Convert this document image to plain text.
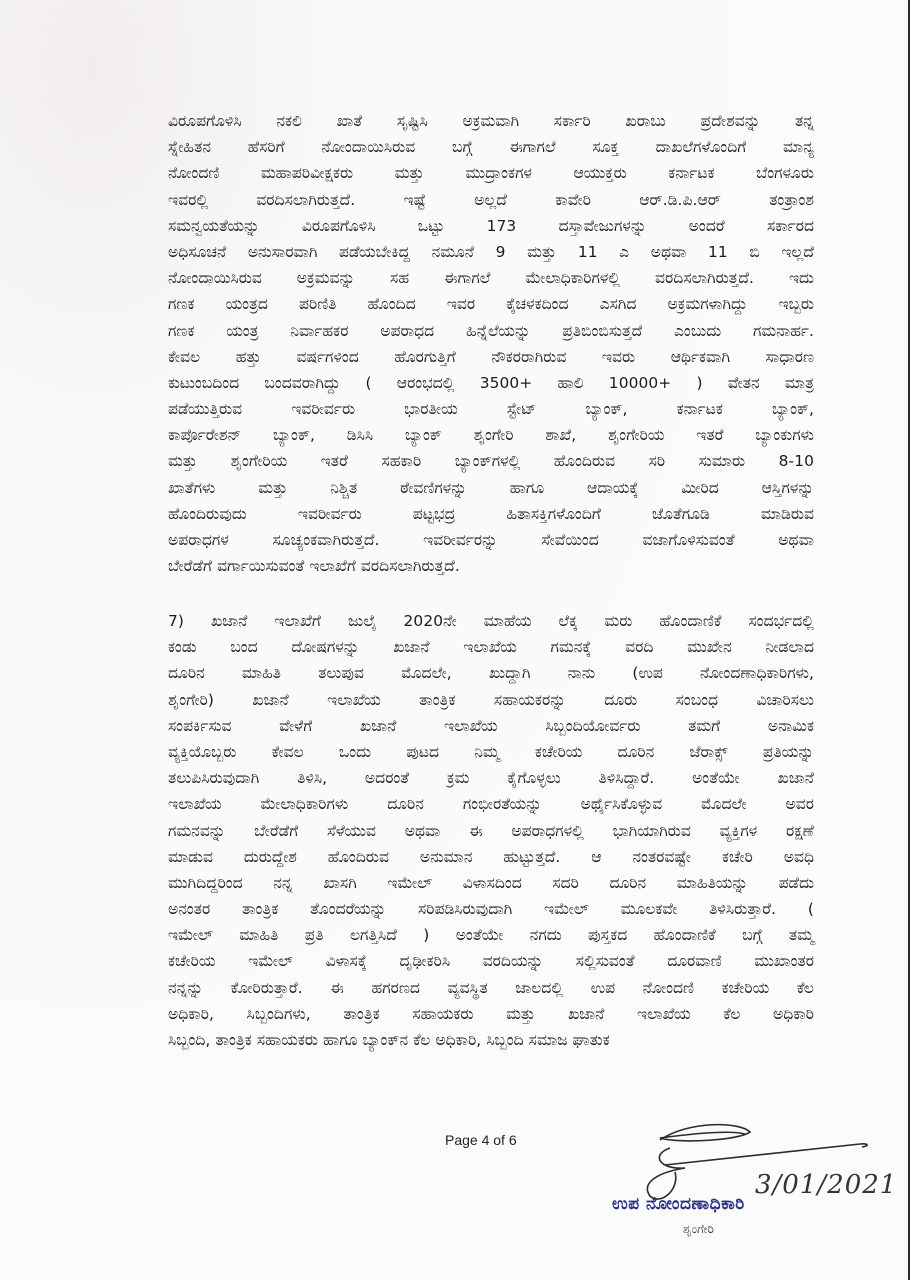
ವಿರೂಪಗೊಳಿಸಿ ನಕಲಿ ಖಾತೆ ಸೃಷ್ಟಿಸಿ ಅಕ್ರಮವಾಗಿ ಸರ್ಕಾರಿ ಖರಾಬು ಪ್ರದೇಶವನ್ನು ತನ್ನ
ಸ್ನೇಹಿತನ ಹೆಸರಿಗೆ ನೋಂದಾಯಿಸಿರುವ ಬಗ್ಗೆ ಈಗಾಗಲೆ ಸೂಕ್ತ ದಾಖಲೆಗಳೊಂದಿಗೆ ಮಾನ್ಯ
ನೋಂದಣಿ ಮಹಾಪರಿವೀಕ್ಷಕರು ಮತ್ತು ಮುದ್ರಾಂಕಗಳ ಆಯುಕ್ತರು ಕರ್ನಾಟಕ ಬೆಂಗಳೂರು
ಇವರಲ್ಲಿ ವರದಿಸಲಾಗಿರುತ್ತದೆ. ಇಷ್ಟೆ ಅಲ್ಲದೆ ಕಾವೇರಿ ಆರ್.ಡಿ.ಪಿ.ಆರ್ ತಂತ್ರಾಂಶ
ಸಮನ್ವಯತೆಯನ್ನು ವಿರೂಪಗೊಳಿಸಿ ಒಟ್ಟು 173 ದಸ್ತಾವೇಜುಗಳನ್ನು ಅಂದರೆ ಸರ್ಕಾರದ
ಅಧಿಸೂಚನೆ ಅನುಸಾರವಾಗಿ ಪಡೆಯಬೇಕಿದ್ದ ನಮೂನೆ 9 ಮತ್ತು 11 ಎ ಅಥವಾ 11 ಬಿ ಇಲ್ಲದೆ
ನೋಂದಾಯಿಸಿರುವ ಅಕ್ರಮವನ್ನು ಸಹ ಈಗಾಗಲೆ ಮೇಲಾಧಿಕಾರಿಗಳಲ್ಲಿ ವರದಿಸಲಾಗಿರುತ್ತದೆ. ಇದು
ಗಣಕ ಯಂತ್ರದ ಪರಿಣಿತಿ ಹೊಂದಿದ ಇವರ ಕೈಚಳಕದಿಂದ ಎಸಗಿದ ಅಕ್ರಮಗಳಾಗಿದ್ದು ಇಬ್ಬರು
ಗಣಕ ಯಂತ್ರ ನಿರ್ವಾಹಕರ ಅಪರಾಧದ ಹಿನ್ನೆಲೆಯನ್ನು ಪ್ರತಿಬಿಂಬಿಸುತ್ತದೆ ಎಂಬುದು ಗಮನಾರ್ಹ.
ಕೇವಲ ಹತ್ತು ವರ್ಷಗಳಿಂದ ಹೊರಗುತ್ತಿಗೆ ನೌಕರರಾಗಿರುವ ಇವರು ಆರ್ಥಿಕವಾಗಿ ಸಾಧಾರಣ
ಕುಟುಂಬದಿಂದ ಬಂದವರಾಗಿದ್ದು ( ಆರಂಭದಲ್ಲಿ 3500+ ಹಾಲಿ 10000+ ) ವೇತನ ಮಾತ್ರ
ಪಡೆಯುತ್ತಿರುವ ಇವರೀರ್ವರು ಭಾರತೀಯ ಸ್ಟೇಟ್ ಬ್ಯಾಂಕ್, ಕರ್ನಾಟಕ ಬ್ಯಾಂಕ್,
ಕಾರ್ಪೊರೇಶನ್ ಬ್ಯಾಂಕ್, ಡಿಸಿಸಿ ಬ್ಯಾಂಕ್ ಶೃಂಗೇರಿ ಶಾಖೆ, ಶೃಂಗೇರಿಯ ಇತರೆ ಬ್ಯಾಂಕುಗಳು
ಮತ್ತು ಶೃಂಗೇರಿಯ ಇತರೆ ಸಹಕಾರಿ ಬ್ಯಾಂಕ್‌ಗಳಲ್ಲಿ ಹೊಂದಿರುವ ಸರಿ ಸುಮಾರು 8-10
ಖಾತೆಗಳು ಮತ್ತು ನಿಶ್ಚಿತ ಠೇವಣಿಗಳನ್ನು ಹಾಗೂ ಆದಾಯಕ್ಕೆ ಮೀರಿದ ಆಸ್ತಿಗಳನ್ನು
ಹೊಂದಿರುವುದು ಇವರೀರ್ವರು ಪಟ್ಟಭದ್ರ ಹಿತಾಸಕ್ತಿಗಳೊಂದಿಗೆ ಜೊತೆಗೂಡಿ ಮಾಡಿರುವ
ಅಪರಾಧಗಳ ಸೂಚ್ಯಂಕವಾಗಿರುತ್ತದೆ. ಇವರೀರ್ವರನ್ನು ಸೇವೆಯಿಂದ ವಜಾಗೊಳಿಸುವಂತೆ ಅಥವಾ
ಬೇರೆಡೆಗೆ ವರ್ಗಾಯಿಸುವಂತೆ ಇಲಾಖೆಗೆ ವರದಿಸಲಾಗಿರುತ್ತದೆ.
7) ಖಜಾನೆ ಇಲಾಖೆಗೆ ಜುಲೈ 2020ನೇ ಮಾಹೆಯ ಲೆಕ್ಕ ಮರು ಹೊಂದಾಣಿಕೆ ಸಂದರ್ಭದಲ್ಲಿ
ಕಂಡು ಬಂದ ದೋಷಗಳನ್ನು ಖಜಾನೆ ಇಲಾಖೆಯ ಗಮನಕ್ಕೆ ವರದಿ ಮುಖೇನ ನೀಡಲಾದ
ದೂರಿನ ಮಾಹಿತಿ ತಲುಪುವ ಮೊದಲೇ, ಖುದ್ದಾಗಿ ನಾನು (ಉಪ ನೋಂದಣಾಧಿಕಾರಿಗಳು,
ಶೃಂಗೇರಿ) ಖಜಾನೆ ಇಲಾಖೆಯ ತಾಂತ್ರಿಕ ಸಹಾಯಕರನ್ನು ದೂರು ಸಂಬಂಧ ವಿಚಾರಿಸಲು
ಸಂಪರ್ಕಿಸುವ ವೇಳೆಗೆ ಖಜಾನೆ ಇಲಾಖೆಯ ಸಿಬ್ಬಂದಿಯೋರ್ವರು ತಮಗೆ ಅನಾಮಿಕ
ವ್ಯಕ್ತಿಯೊಬ್ಬರು ಕೇವಲ ಒಂದು ಪುಟದ ನಿಮ್ಮ ಕಚೇರಿಯ ದೂರಿನ ಜೆರಾಕ್ಸ್ ಪ್ರತಿಯನ್ನು
ತಲುಪಿಸಿರುವುದಾಗಿ ತಿಳಿಸಿ, ಅದರಂತೆ ಕ್ರಮ ಕೈಗೊಳ್ಳಲು ತಿಳಿಸಿದ್ದಾರೆ. ಅಂತೆಯೇ ಖಜಾನೆ
ಇಲಾಖೆಯ ಮೇಲಾಧಿಕಾರಿಗಳು ದೂರಿನ ಗಂಭೀರತೆಯನ್ನು ಅರ್ಥೈಸಿಕೊಳ್ಳುವ ಮೊದಲೇ ಅವರ
ಗಮನವನ್ನು ಬೇರೆಡೆಗೆ ಸೆಳೆಯುವ ಅಥವಾ ಈ ಅಪರಾಧಗಳಲ್ಲಿ ಭಾಗಿಯಾಗಿರುವ ವ್ಯಕ್ತಿಗಳ ರಕ್ಷಣೆ
ಮಾಡುವ ದುರುದ್ದೇಶ ಹೊಂದಿರುವ ಅನುಮಾನ ಹುಟ್ಟುತ್ತದೆ. ಆ ನಂತರವಷ್ಟೇ ಕಚೇರಿ ಅವಧಿ
ಮುಗಿದಿದ್ದರಿಂದ ನನ್ನ ಖಾಸಗಿ ಇಮೇಲ್ ವಿಳಾಸದಿಂದ ಸದರಿ ದೂರಿನ ಮಾಹಿತಿಯನ್ನು ಪಡೆದು
ಅನಂತರ ತಾಂತ್ರಿಕ ತೊಂದರೆಯನ್ನು ಸರಿಪಡಿಸಿರುವುದಾಗಿ ಇಮೇಲ್ ಮೂಲಕವೇ ತಿಳಿಸಿರುತ್ತಾರೆ. (
ಇಮೇಲ್ ಮಾಹಿತಿ ಪ್ರತಿ ಲಗತ್ತಿಸಿದೆ ) ಅಂತೆಯೇ ನಗದು ಪುಸ್ತಕದ ಹೊಂದಾಣಿಕೆ ಬಗ್ಗೆ ತಮ್ಮ
ಕಚೇರಿಯ ಇಮೇಲ್ ವಿಳಾಸಕ್ಕೆ ದೃಢೀಕರಿಸಿ ವರದಿಯನ್ನು ಸಲ್ಲಿಸುವಂತೆ ದೂರವಾಣಿ ಮುಖಾಂತರ
ನನ್ನನ್ನು ಕೋರಿರುತ್ತಾರೆ. ಈ ಹಗರಣದ ವ್ಯವಸ್ಥಿತ ಜಾಲದಲ್ಲಿ ಉಪ ನೋಂದಣಿ ಕಚೇರಿಯ ಕೆಲ
ಅಧಿಕಾರಿ, ಸಿಬ್ಬಂದಿಗಳು, ತಾಂತ್ರಿಕ ಸಹಾಯಕರು ಮತ್ತು ಖಜಾನೆ ಇಲಾಖೆಯ ಕೆಲ ಅಧಿಕಾರಿ
ಸಿಬ್ಬಂದಿ, ತಾಂತ್ರಿಕ ಸಹಾಯಕರು ಹಾಗೂ ಬ್ಯಾಂಕ್‌ನ ಕೆಲ ಅಧಿಕಾರಿ, ಸಿಬ್ಬಂದಿ ಸಮಾಜ ಘಾತುಕ
Page 4 of 6
3/01/2021
ಉಪ ನೋಂದಣಾಧಿಕಾರಿ
ಶೃಂಗೇರಿ
